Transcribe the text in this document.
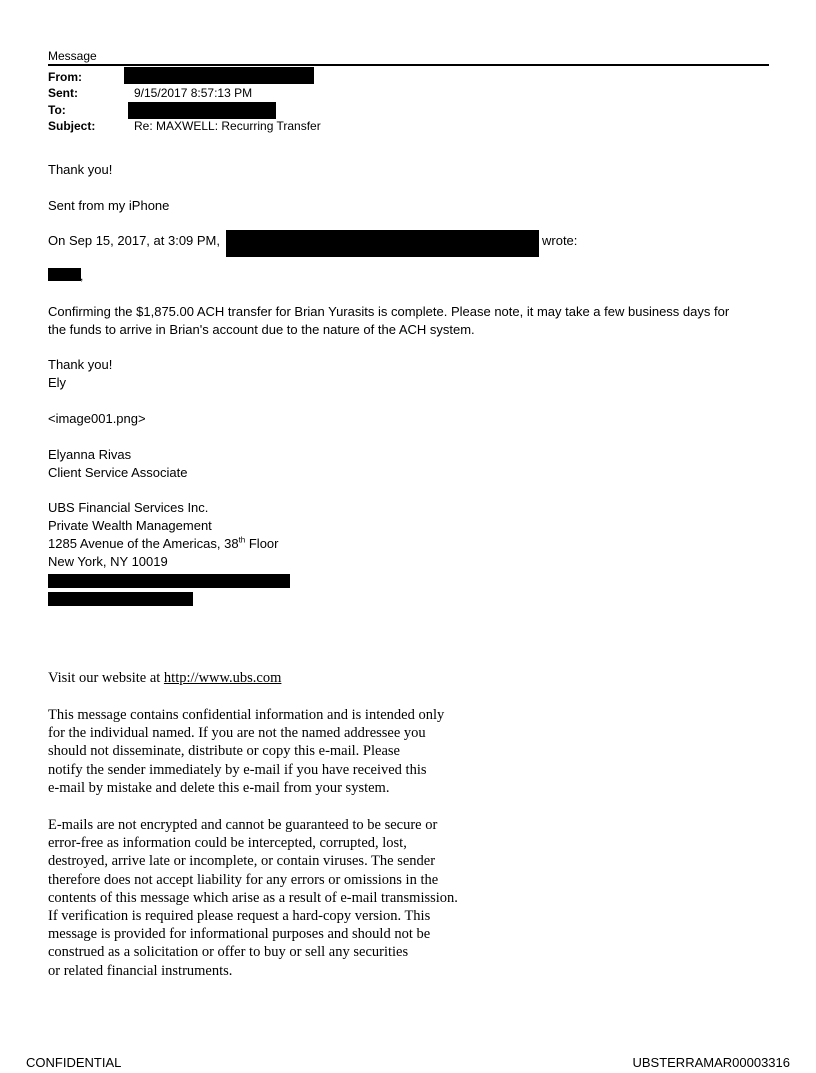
Message
From:
Sent:	9/15/2017 8:57:13 PM
To:
Subject:	Re: MAXWELL: Recurring Transfer
Thank you!
Sent from my iPhone
On Sep 15, 2017, at 3:09 PM,	wrote:
,
Confirming the $1,875.00 ACH transfer for Brian Yurasits is complete. Please note, it may take a few business days for
the funds to arrive in Brian's account due to the nature of the ACH system.
Thank you!
Ely
<image001.png>
Elyanna Rivas
Client Service Associate
UBS Financial Services Inc.
Private Wealth Management
1285 Avenue of the Americas, 38th Floor
New York, NY 10019
Visit our website at http://www.ubs.com
This message contains confidential information and is intended only
for the individual named. If you are not the named addressee you
should not disseminate, distribute or copy this e-mail. Please
notify the sender immediately by e-mail if you have received this
e-mail by mistake and delete this e-mail from your system.
E-mails are not encrypted and cannot be guaranteed to be secure or
error-free as information could be intercepted, corrupted, lost,
destroyed, arrive late or incomplete, or contain viruses. The sender
therefore does not accept liability for any errors or omissions in the
contents of this message which arise as a result of e-mail transmission.
If verification is required please request a hard-copy version. This
message is provided for informational purposes and should not be
construed as a solicitation or offer to buy or sell any securities
or related financial instruments.
CONFIDENTIAL	UBSTERRAMAR00003316
